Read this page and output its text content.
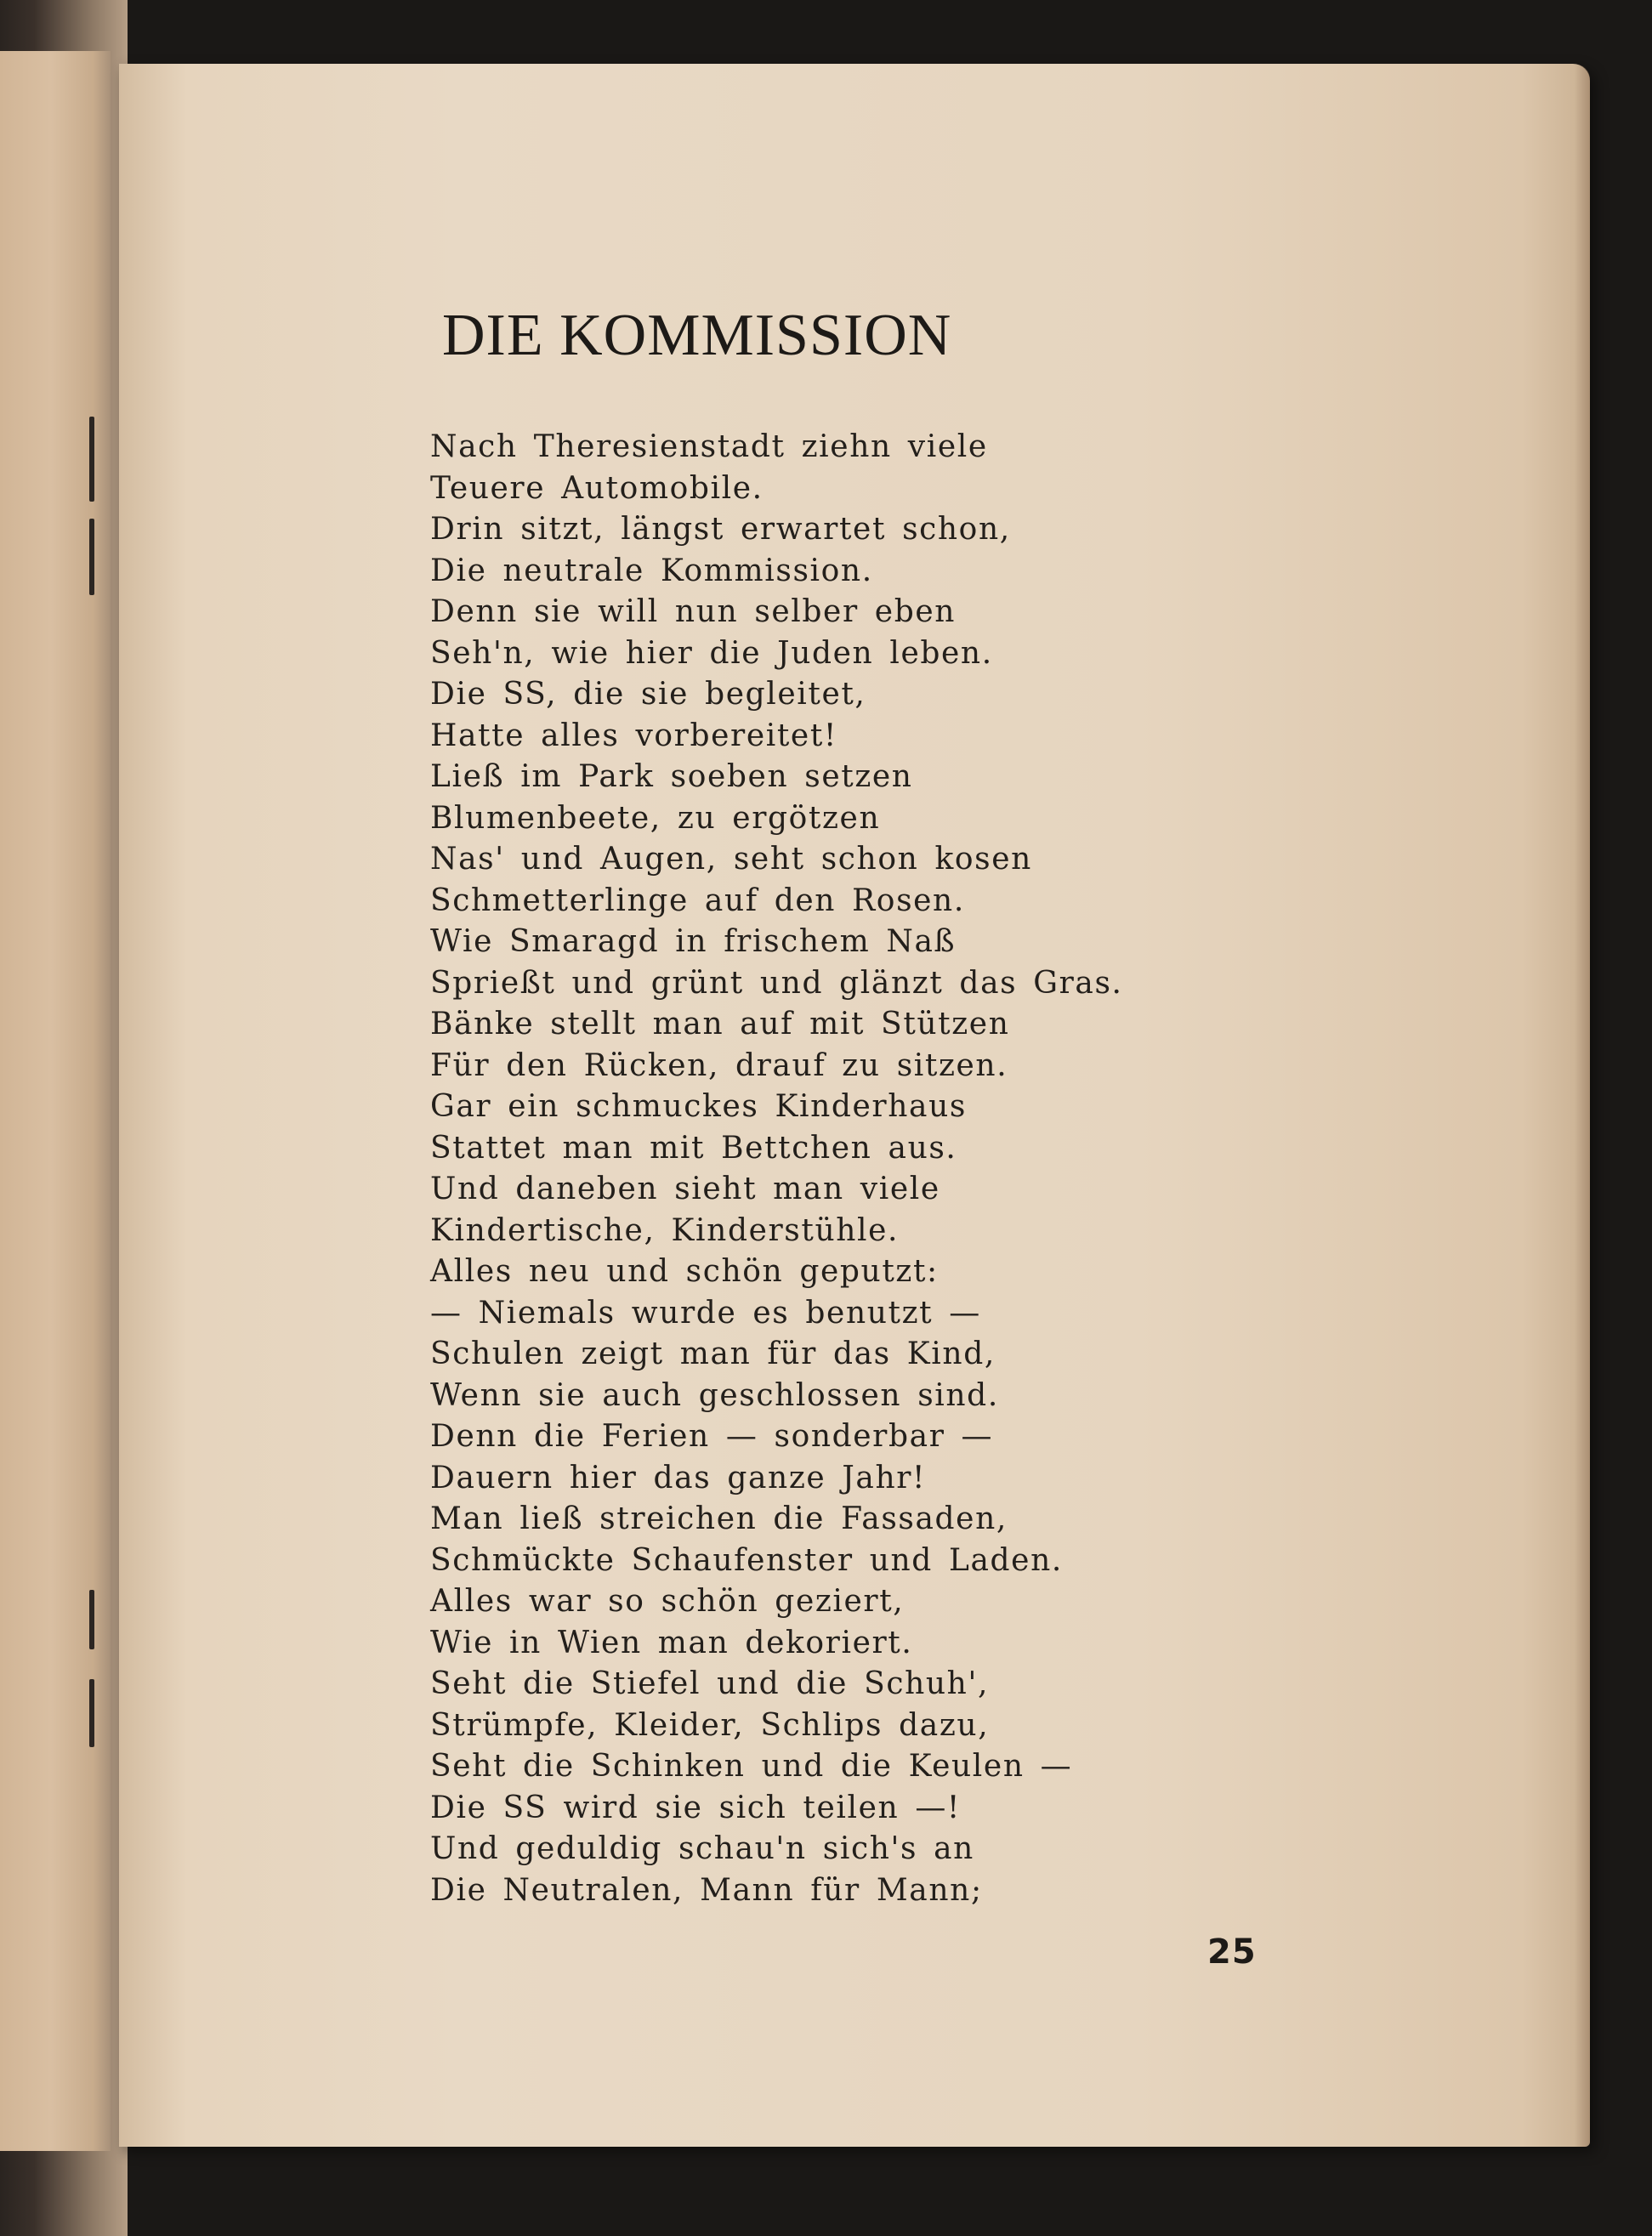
DIE KOMMISSION
Nach Theresienstadt ziehn viele
Teuere Automobile.
Drin sitzt, längst erwartet schon,
Die neutrale Kommission.
Denn sie will nun selber eben
Seh'n, wie hier die Juden leben.
Die SS, die sie begleitet,
Hatte alles vorbereitet!
Ließ im Park soeben setzen
Blumenbeete, zu ergötzen
Nas' und Augen, seht schon kosen
Schmetterlinge auf den Rosen.
Wie Smaragd in frischem Naß
Sprießt und grünt und glänzt das Gras.
Bänke stellt man auf mit Stützen
Für den Rücken, drauf zu sitzen.
Gar ein schmuckes Kinderhaus
Stattet man mit Bettchen aus.
Und daneben sieht man viele
Kindertische, Kinderstühle.
Alles neu und schön geputzt:
— Niemals wurde es benutzt —
Schulen zeigt man für das Kind,
Wenn sie auch geschlossen sind.
Denn die Ferien — sonderbar —
Dauern hier das ganze Jahr!
Man ließ streichen die Fassaden,
Schmückte Schaufenster und Laden.
Alles war so schön geziert,
Wie in Wien man dekoriert.
Seht die Stiefel und die Schuh',
Strümpfe, Kleider, Schlips dazu,
Seht die Schinken und die Keulen —
Die SS wird sie sich teilen —!
Und geduldig schau'n sich's an
Die Neutralen, Mann für Mann;

25
